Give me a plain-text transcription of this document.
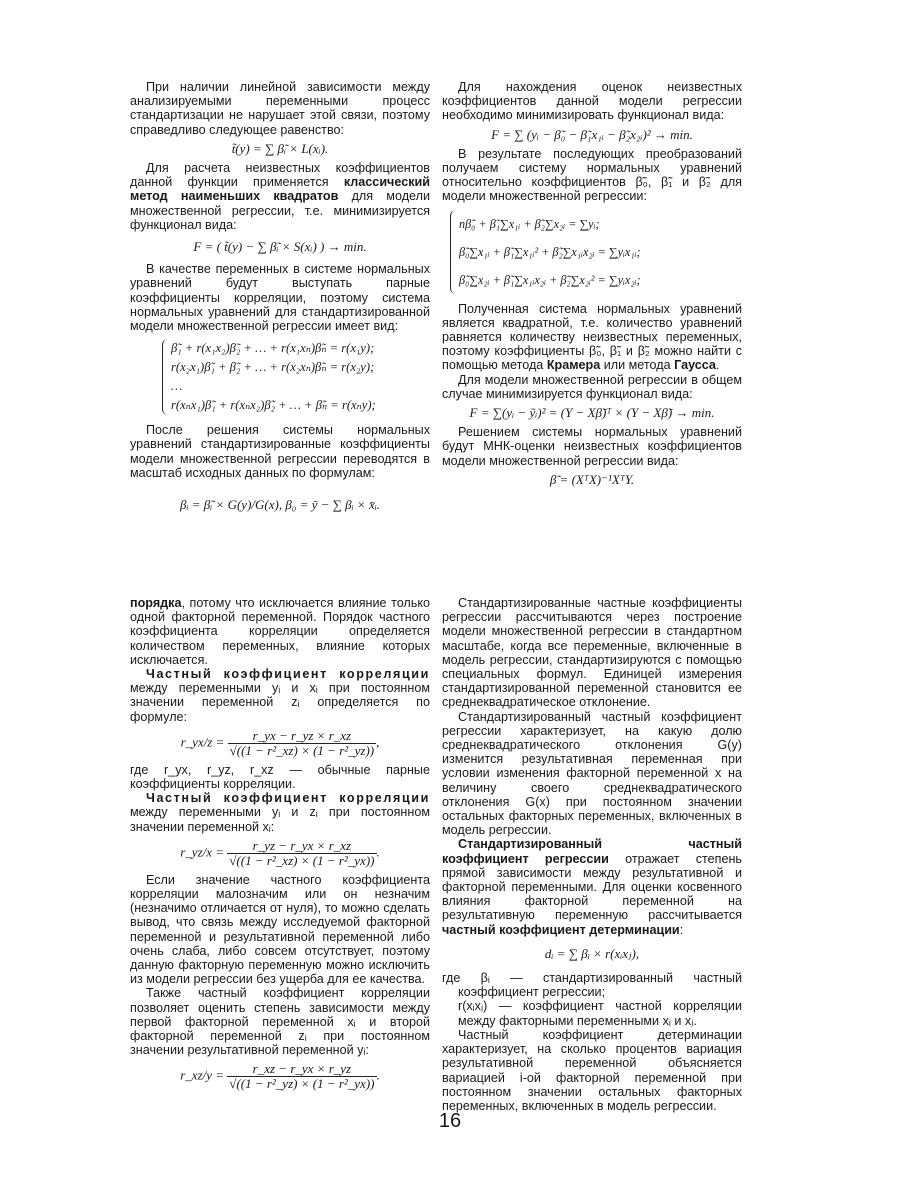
При наличии линейной зависимости между анализируемыми переменными процесс стандартизации не нарушает этой связи, поэтому справедливо следующее равенство:

t̃(y) = ∑ β̃ᵢ × L(xᵢ).

Для расчета неизвестных коэффициентов данной функции применяется классический метод наименьших квадратов для модели множественной регрессии, т.е. минимизируется функционал вида:

F = ( t̃(y) − ∑ β̃ᵢ × S(xᵢ) ) → min.

В качестве переменных в системе нормальных уравнений будут выступать парные коэффициенты корреляции, поэтому система нормальных уравнений для стандартизированной модели множественной регрессии имеет вид:

β̃₁ + r(x₁x₂)β̃₂ + … + r(x₁xₙ)β̃ₙ = r(x₁y);
r(x₂x₁)β̃₁ + β̃₂ + … + r(x₂xₙ)β̃ₙ = r(x₂y);
…
r(xₙx₁)β̃₁ + r(xₙx₂)β̃₂ + … + β̃ₙ = r(xₙy);

После решения системы нормальных уравнений стандартизированные коэффициенты модели множественной регрессии переводятся в масштаб исходных данных по формулам:

βᵢ = β̃ᵢ × G(y)/G(x), β₀ = ȳ − ∑ βᵢ × x̄ᵢ.

Для нахождения оценок неизвестных коэффициентов данной модели регрессии необходимо минимизировать функционал вида:

F = ∑ (yᵢ − β̃₀ − β̃₁x₁ᵢ − β̃₂x₂ᵢ)² → min.

В результате последующих преобразований получаем систему нормальных уравнений относительно коэффициентов β̃₀, β̃₁ и β̃₂ для модели множественной регрессии:

nβ̃₀ + β̃₁∑x₁ᵢ + β̃₂∑x₂ᵢ = ∑yᵢ;
β̃₀∑x₁ᵢ + β̃₁∑x₁ᵢ² + β̃₂∑x₁ᵢx₂ᵢ = ∑yᵢx₁ᵢ;
β̃₀∑x₂ᵢ + β̃₁∑x₁ᵢx₂ᵢ + β̃₂∑x₂ᵢ² = ∑yᵢx₂ᵢ;

Полученная система нормальных уравнений является квадратной, т.е. количество уравнений равняется количеству неизвестных переменных, поэтому коэффициенты β̃₀, β̃₁ и β̃₂ можно найти с помощью метода Крамера или метода Гаусса.

Для модели множественной регрессии в общем случае минимизируется функционал вида:

F = ∑(yᵢ − ỹᵢ)² = (Y − Xβ̃)ᵀ × (Y − Xβ̃) → min.

Решением системы нормальных уравнений будут МНК-оценки неизвестных коэффициентов модели множественной регрессии вида:

β̃ = (XᵀX)⁻¹XᵀY.

порядка, потому что исключается влияние только одной факторной переменной. Порядок частного коэффициента корреляции определяется количеством переменных, влияние которых исключается.

Частный коэффициент корреляции между переменными yᵢ и xᵢ при постоянном значении переменной zᵢ определяется по формуле:

r_yx/z = $\frac{r\_yx - r\_yz \times r\_xz}{\text{√((1 − r²\_xz) × (1 − r²\_yz))}}$ ,

где r_yx, r_yz, r_xz — обычные парные коэффициенты корреляции.

Частный коэффициент корреляции между переменными yᵢ и zᵢ при постоянном значении переменной xᵢ:

r_yz/x = $\frac{r\_yz - r\_yx \times r\_xz}{\text{√((1 − r²\_xz) × (1 − r²\_yx))}}$ .

Если значение частного коэффициента корреляции малозначим или он незначим (незначимо отличается от нуля), то можно сделать вывод, что связь между исследуемой факторной переменной и результативной переменной либо очень слаба, либо совсем отсутствует, поэтому данную факторную переменную можно исключить из модели регрессии без ущерба для ее качества.

Также частный коэффициент корреляции позволяет оценить степень зависимости между первой факторной переменной xᵢ и второй факторной переменной zᵢ при постоянном значении результативной переменной yᵢ:

r_xz/y = $\frac{r\_xz - r\_yx \times r\_yz}{\text{√((1 − r²\_yz) × (1 − r²\_yx))}}$ .

Стандартизированные частные коэффициенты регрессии рассчитываются через построение модели множественной регрессии в стандартном масштабе, когда все переменные, включенные в модель регрессии, стандартизируются с помощью специальных формул. Единицей измерения стандартизированной переменной становится ее среднеквадратическое отклонение.

Стандартизированный частный коэффициент регрессии характеризует, на какую долю среднеквадратического отклонения G(y) изменится результативная переменная при условии изменения факторной переменной x на величину своего среднеквадратического отклонения G(x) при постоянном значении остальных факторных переменных, включенных в модель регрессии.

Стандартизированный частный коэффициент регрессии отражает степень прямой зависимости между результативной и факторной переменными. Для оценки косвенного влияния факторной переменной на результативную переменную рассчитывается частный коэффициент детерминации:

dᵢ = ∑ βᵢ × r(xᵢxⱼ),

где βᵢ — стандартизированный частный коэффициент регрессии;

r(xᵢxⱼ) — коэффициент частной корреляции между факторными переменными xᵢ и xⱼ.

Частный коэффициент детерминации характеризует, на сколько процентов вариация результативной переменной объясняется вариацией i-ой факторной переменной при постоянном значении остальных факторных переменных, включенных в модель регрессии.

16
